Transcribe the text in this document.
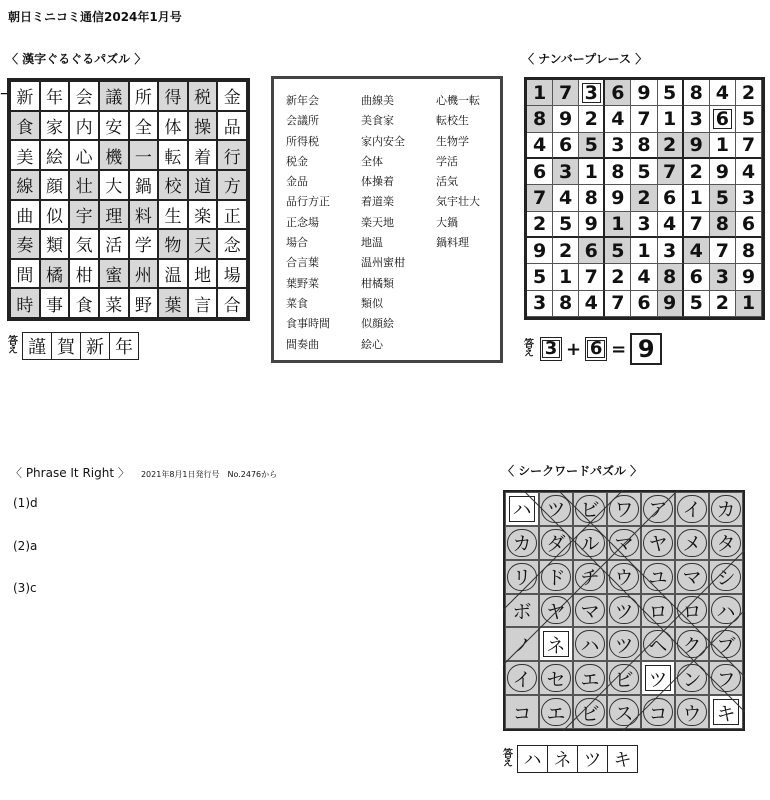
朝日ミニコミ通信2024年1月号
〈 漢字ぐるぐるパズル 〉
→ 新 年 会 議 所 得 税 金
食 家 内 安 全 体 操 品
美 絵 心 機 一 転 着 行
線 顔 壮 大 鍋 校 道 方
曲 似 宇 理 料 生 楽 正
奏 類 気 活 学 物 天 念
間 橘 柑 蜜 州 温 地 場
時 事 食 菜 野 葉 言 合
答え 謹 賀 新 年
新年会
会議所
所得税
税金
金品
品行方正
正念場
場合
合言葉
葉野菜
菜食
食事時間
間奏曲
曲線美
美食家
家内安全
全体
体操着
着道楽
楽天地
地温
温州蜜柑
柑橘類
類似
似顔絵
絵心
心機一転
転校生
生物学
学活
活気
気宇壮大
大鍋
鍋料理
〈 ナンバープレース 〉
1 7 3 6 9 5 8 4 2
8 9 2 4 7 1 3 6 5
4 6 5 3 8 2 9 1 7
6 3 1 8 5 7 2 9 4
7 4 8 9 2 6 1 5 3
2 5 9 1 3 4 7 8 6
9 2 6 5 1 3 4 7 8
5 1 7 2 4 8 6 3 9
3 8 4 7 6 9 5 2 1
答え 3 + 6 = 9
〈 Phrase It Right 〉 2021年8月1日発行号　No.2476から
(1)d
(2)a
(3)c
〈 シークワードパズル 〉
ハ ツ ビ ワ ア イ カ
カ ダ ル マ ヤ メ タ
リ ド チ ウ ユ マ シ
ボ ヤ マ ツ ロ ロ ハ
ノ ネ ハ ツ ヘ ク ブ
イ セ エ ビ ツ ン フ
コ エ ビ ス コ ウ キ
答え ハ ネ ツ キ
